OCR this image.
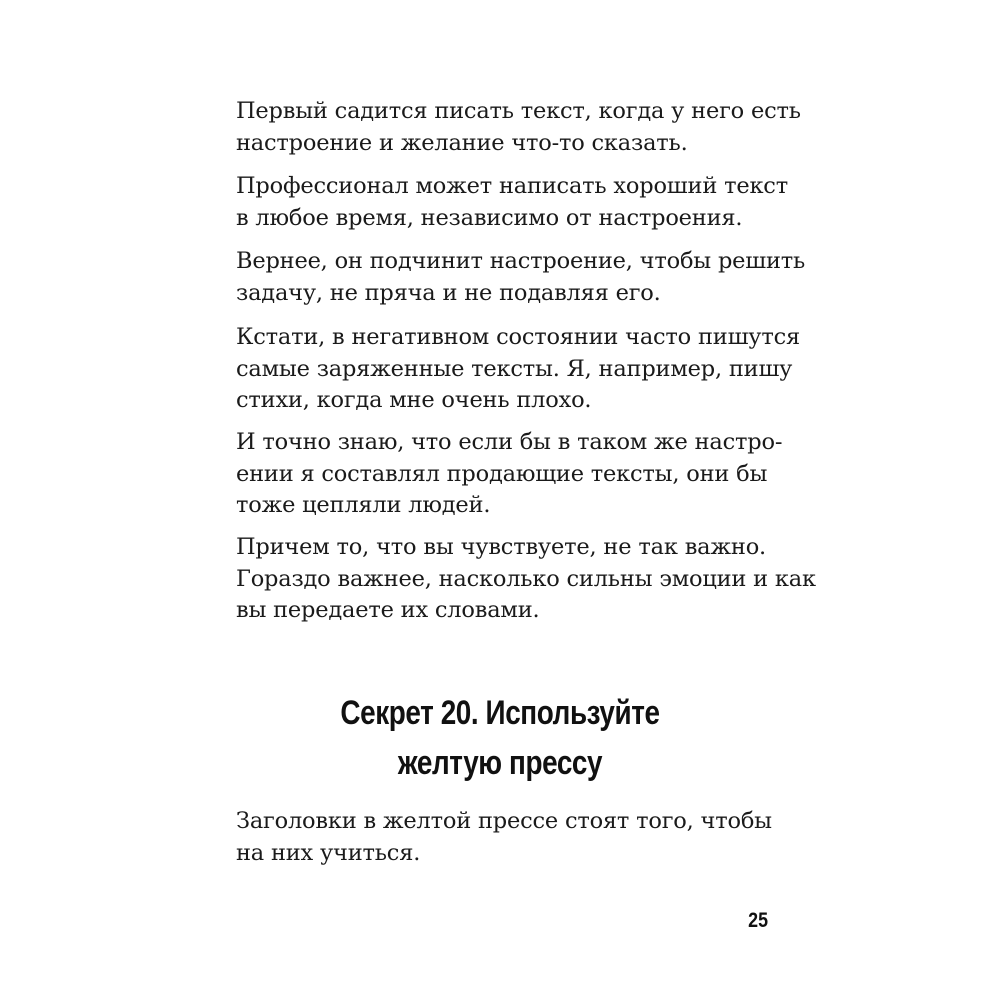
Первый садится писать текст, когда у него есть
настроение и желание что-то сказать.
Профессионал может написать хороший текст
в любое время, независимо от настроения.
Вернее, он подчинит настроение, чтобы решить
задачу, не пряча и не подавляя его.
Кстати, в негативном состоянии часто пишутся
самые заряженные тексты. Я, например, пишу
стихи, когда мне очень плохо.
И точно знаю, что если бы в таком же настро-
ении я составлял продающие тексты, они бы
тоже цепляли людей.
Причем то, что вы чувствуете, не так важно.
Гораздо важнее, насколько сильны эмоции и как
вы передаете их словами.
Секрет 20. Используйте
желтую прессу
Заголовки в желтой прессе стоят того, чтобы
на них учиться.
25
